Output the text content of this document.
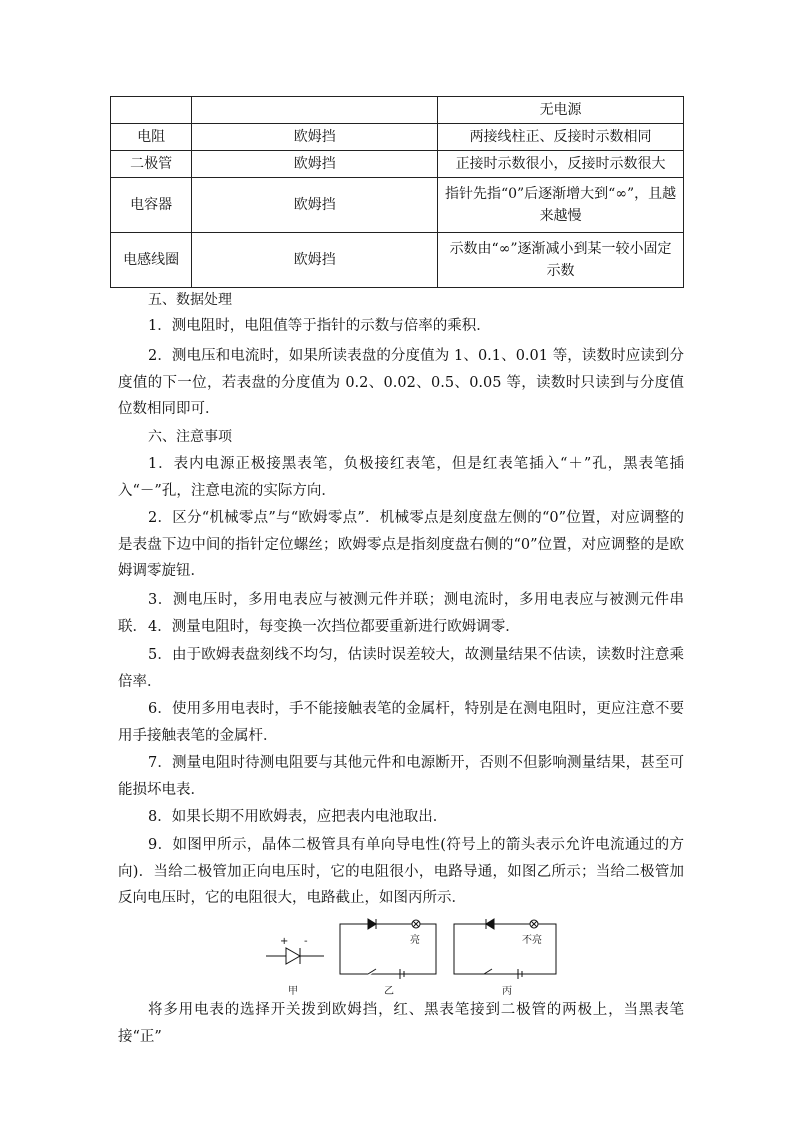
		无电源
电阻	欧姆挡	两接线柱正、反接时示数相同
二极管	欧姆挡	正接时示数很小，反接时示数很大
电容器	欧姆挡	指针先指“0”后逐渐增大到“∞”，且越来越慢
电感线圈	欧姆挡	示数由“∞”逐渐减小到某一较小固定示数
五、数据处理

1．测电阻时，电阻值等于指针的示数与倍率的乘积．

2．测电压和电流时，如果所读表盘的分度值为 1、0.1、0.01 等，读数时应读到分度值的下一位，若表盘的分度值为 0.2、0.02、0.5、0.05 等，读数时只读到与分度值位数相同即可．

六、注意事项

1．表内电源正极接黑表笔，负极接红表笔，但是红表笔插入“＋”孔，黑表笔插入“－”孔，注意电流的实际方向．

2．区分“机械零点”与“欧姆零点”．机械零点是刻度盘左侧的“0”位置，对应调整的是表盘下边中间的指针定位螺丝；欧姆零点是指刻度盘右侧的“0”位置，对应调整的是欧姆调零旋钮．

3．测电压时，多用电表应与被测元件并联；测电流时，多用电表应与被测元件串联． 4．测量电阻时，每变换一次挡位都要重新进行欧姆调零．

5．由于欧姆表盘刻线不均匀，估读时误差较大，故测量结果不估读，读数时注意乘倍率．

6．使用多用电表时，手不能接触表笔的金属杆，特别是在测电阻时，更应注意不要用手接触表笔的金属杆．

7．测量电阻时待测电阻要与其他元件和电源断开，否则不但影响测量结果，甚至可能损坏电表．

8．如果长期不用欧姆表，应把表内电池取出．

9．如图甲所示，晶体二极管具有单向导电性(符号上的箭头表示允许电流通过的方向)．当给二极管加正向电压时，它的电阻很小，电路导通，如图乙所示；当给二极管加反向电压时，它的电阻很大，电路截止，如图丙所示．

+ -	亮	不亮
甲	乙	丙

将多用电表的选择开关拨到欧姆挡，红、黑表笔接到二极管的两极上，当黑表笔接“正”
